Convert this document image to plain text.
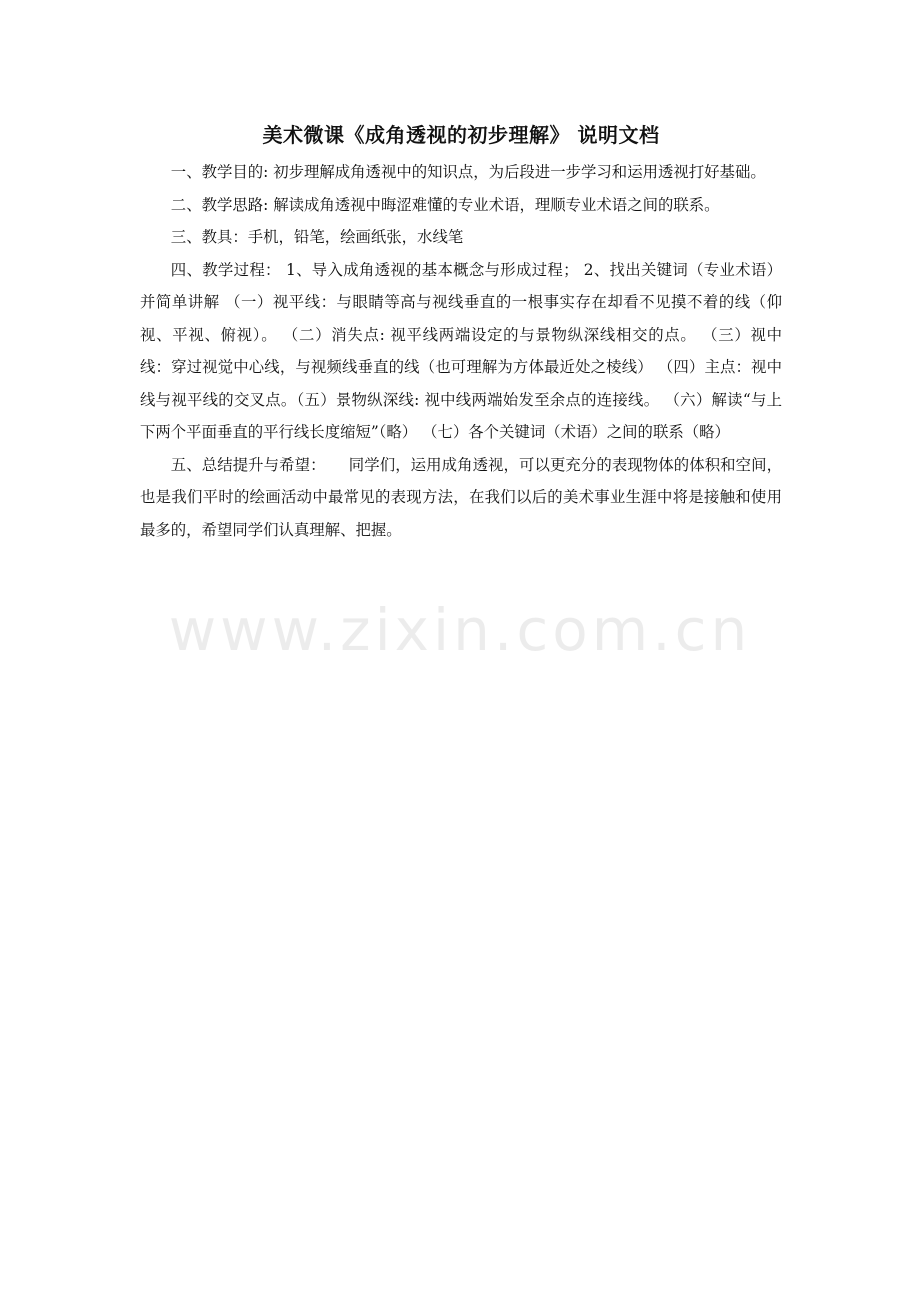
www.zixin.com.cn
美术微课《成角透视的初步理解》 说明文档

一、教学目的: 初步理解成角透视中的知识点，为后段进一步学习和运用透视打好基础。

二、教学思路: 解读成角透视中晦涩难懂的专业术语，理顺专业术语之间的联系。

三、教具：手机，铅笔，绘画纸张，水线笔

四、教学过程： 1、导入成角透视的基本概念与形成过程； 2、找出关键词（专业术语）并简单讲解 （一）视平线：与眼睛等高与视线垂直的一根事实存在却看不见摸不着的线（仰视、平视、俯视）。 （二）消失点: 视平线两端设定的与景物纵深线相交的点。 （三）视中线：穿过视觉中心线，与视频线垂直的线（也可理解为方体最近处之棱线） （四）主点：视中线与视平线的交叉点。（五）景物纵深线: 视中线两端始发至余点的连接线。 （六）解读“与上下两个平面垂直的平行线长度缩短”（略） （七）各个关键词（术语）之间的联系（略）

五、总结提升与希望：　　同学们，运用成角透视，可以更充分的表现物体的体积和空间，也是我们平时的绘画活动中最常见的表现方法，在我们以后的美术事业生涯中将是接触和使用最多的，希望同学们认真理解、把握。
